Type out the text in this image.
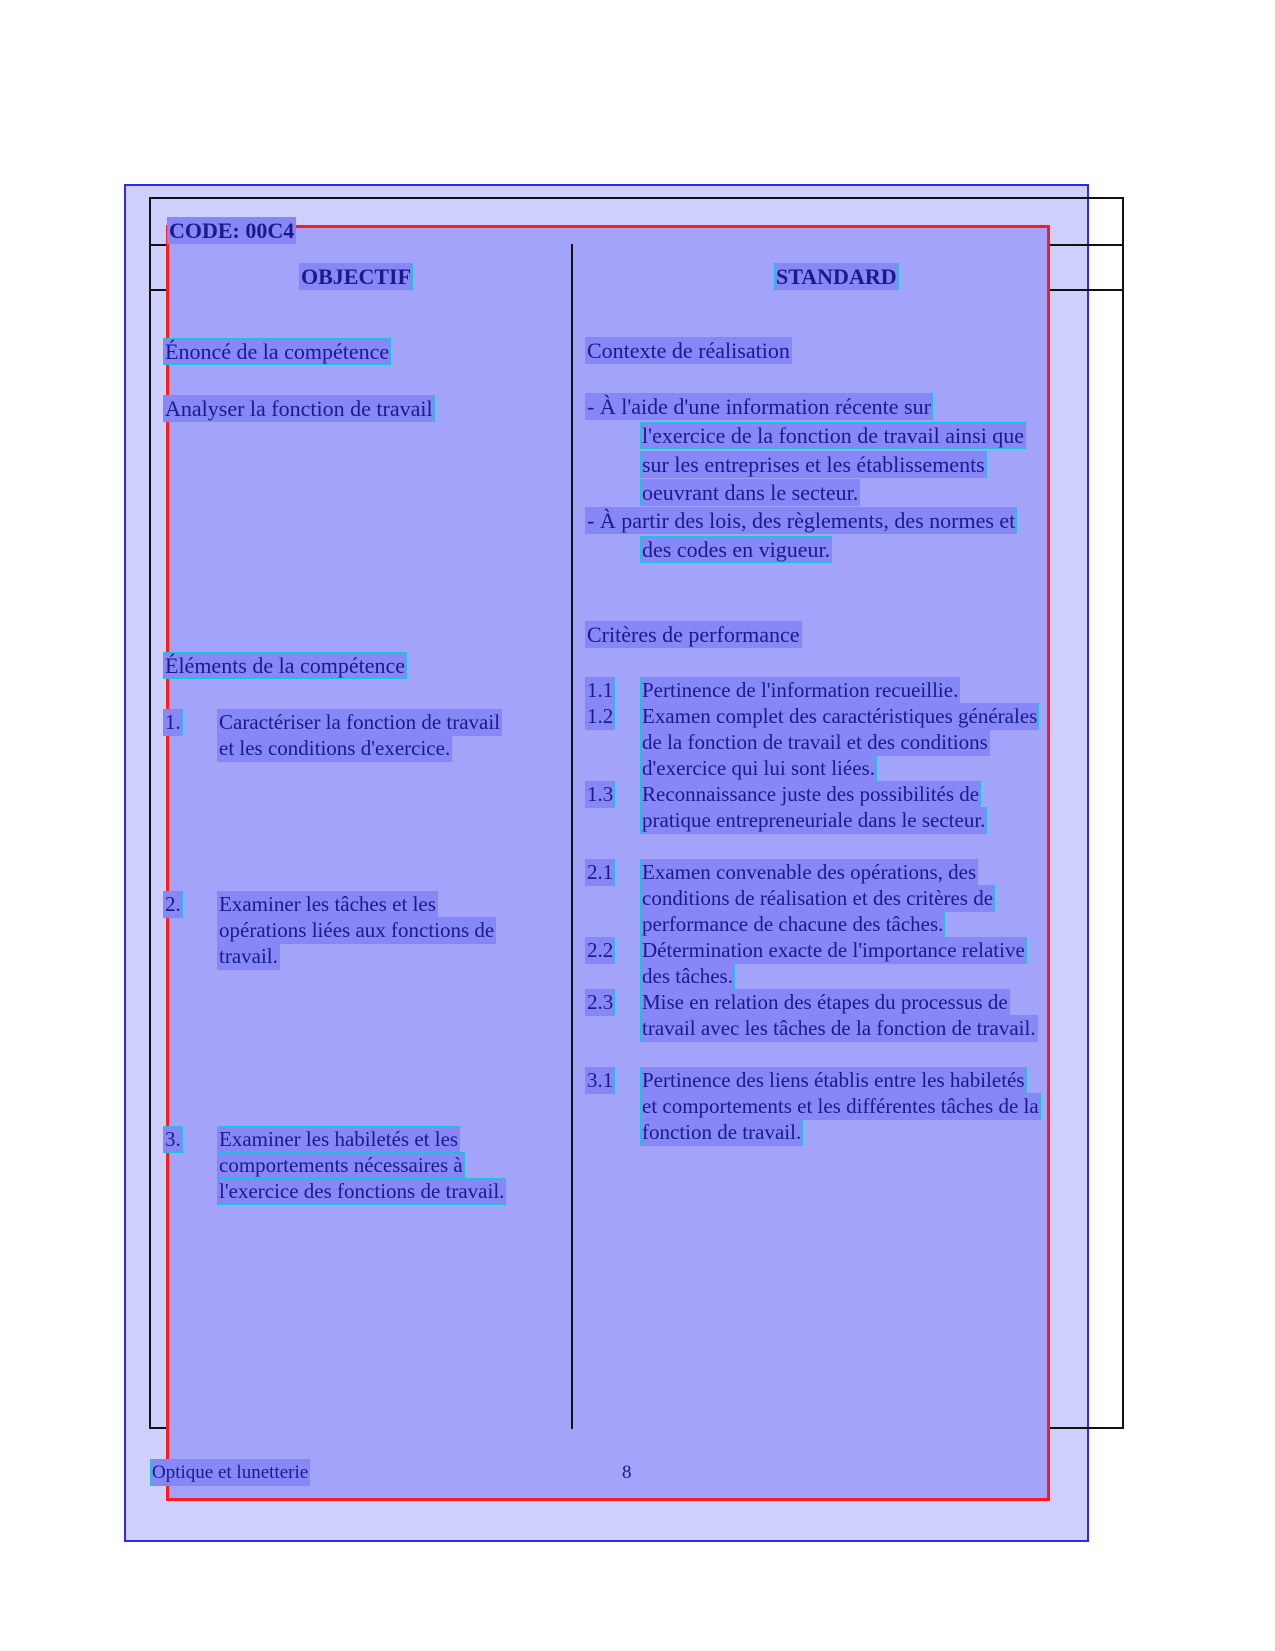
CODE: 00C4
OBJECTIF	STANDARD
Énoncé de la compétence
Analyser la fonction de travail
Éléments de la compétence
1. Caractériser la fonction de travail
et les conditions d'exercice.
2. Examiner les tâches et les
opérations liées aux fonctions de
travail.
3. Examiner les habiletés et les
comportements nécessaires à
l'exercice des fonctions de travail.
Contexte de réalisation
- À l'aide d'une information récente sur
l'exercice de la fonction de travail ainsi que
sur les entreprises et les établissements
oeuvrant dans le secteur.
- À partir des lois, des règlements, des normes et
des codes en vigueur.
Critères de performance
1.1 Pertinence de l'information recueillie.
1.2 Examen complet des caractéristiques générales
de la fonction de travail et des conditions
d'exercice qui lui sont liées.
1.3 Reconnaissance juste des possibilités de
pratique entrepreneuriale dans le secteur.
2.1 Examen convenable des opérations, des
conditions de réalisation et des critères de
performance de chacune des tâches.
2.2 Détermination exacte de l'importance relative
des tâches.
2.3 Mise en relation des étapes du processus de
travail avec les tâches de la fonction de travail.
3.1 Pertinence des liens établis entre les habiletés
et comportements et les différentes tâches de la
fonction de travail.
Optique et lunetterie	8
